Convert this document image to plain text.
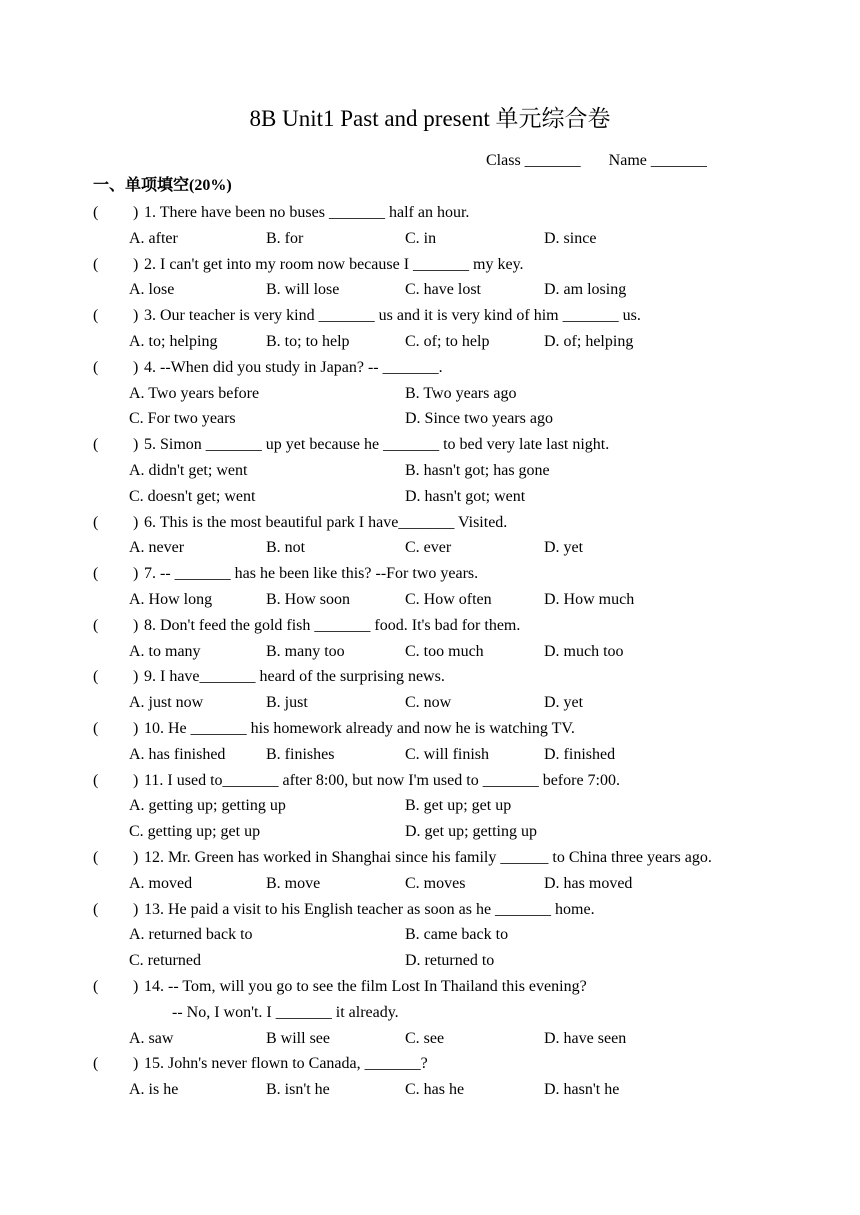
8B Unit1 Past and present 单元综合卷
Class _______       Name _______
一、单项填空(20%)
( ) 1. There have been no buses _______ half an hour.
A. after	B. for	C. in	D. since
( ) 2. I can't get into my room now because I _______ my key.
A. lose	B. will lose	C. have lost	D. am losing
( ) 3. Our teacher is very kind _______ us and it is very kind of him _______ us.
A. to; helping	B. to; to help	C. of; to help	D. of; helping
( ) 4. --When did you study in Japan? -- _______.
A. Two years before	B. Two years ago
C. For two years	D. Since two years ago
( ) 5. Simon _______ up yet because he _______ to bed very late last night.
A. didn't get; went	B. hasn't got; has gone
C. doesn't get; went	D. hasn't got; went
( ) 6. This is the most beautiful park I have_______ Visited.
A. never	B. not	C. ever	D. yet
( ) 7. -- _______ has he been like this? --For two years.
A. How long	B. How soon	C. How often	D. How much
( ) 8. Don't feed the gold fish _______ food. It's bad for them.
A. to many	B. many too	C. too much	D. much too
( ) 9. I have_______ heard of the surprising news.
A. just now	B. just	C. now	D. yet
( ) 10. He _______ his homework already and now he is watching TV.
A. has finished	B. finishes	C. will finish	D. finished
( ) 11. I used to_______ after 8:00, but now I'm used to _______ before 7:00.
A. getting up; getting up	B. get up; get up
C. getting up; get up	D. get up; getting up
( ) 12. Mr. Green has worked in Shanghai since his family ______ to China three years ago.
A. moved	B. move	C. moves	D. has moved
( ) 13. He paid a visit to his English teacher as soon as he _______ home.
A. returned back to	B. came back to
C. returned	D. returned to
( ) 14. -- Tom, will you go to see the film Lost In Thailand this evening?
-- No, I won't. I _______ it already.
A. saw	B will see	C. see	D. have seen
( ) 15. John's never flown to Canada, _______?
A. is he	B. isn't he	C. has he	D. hasn't he
